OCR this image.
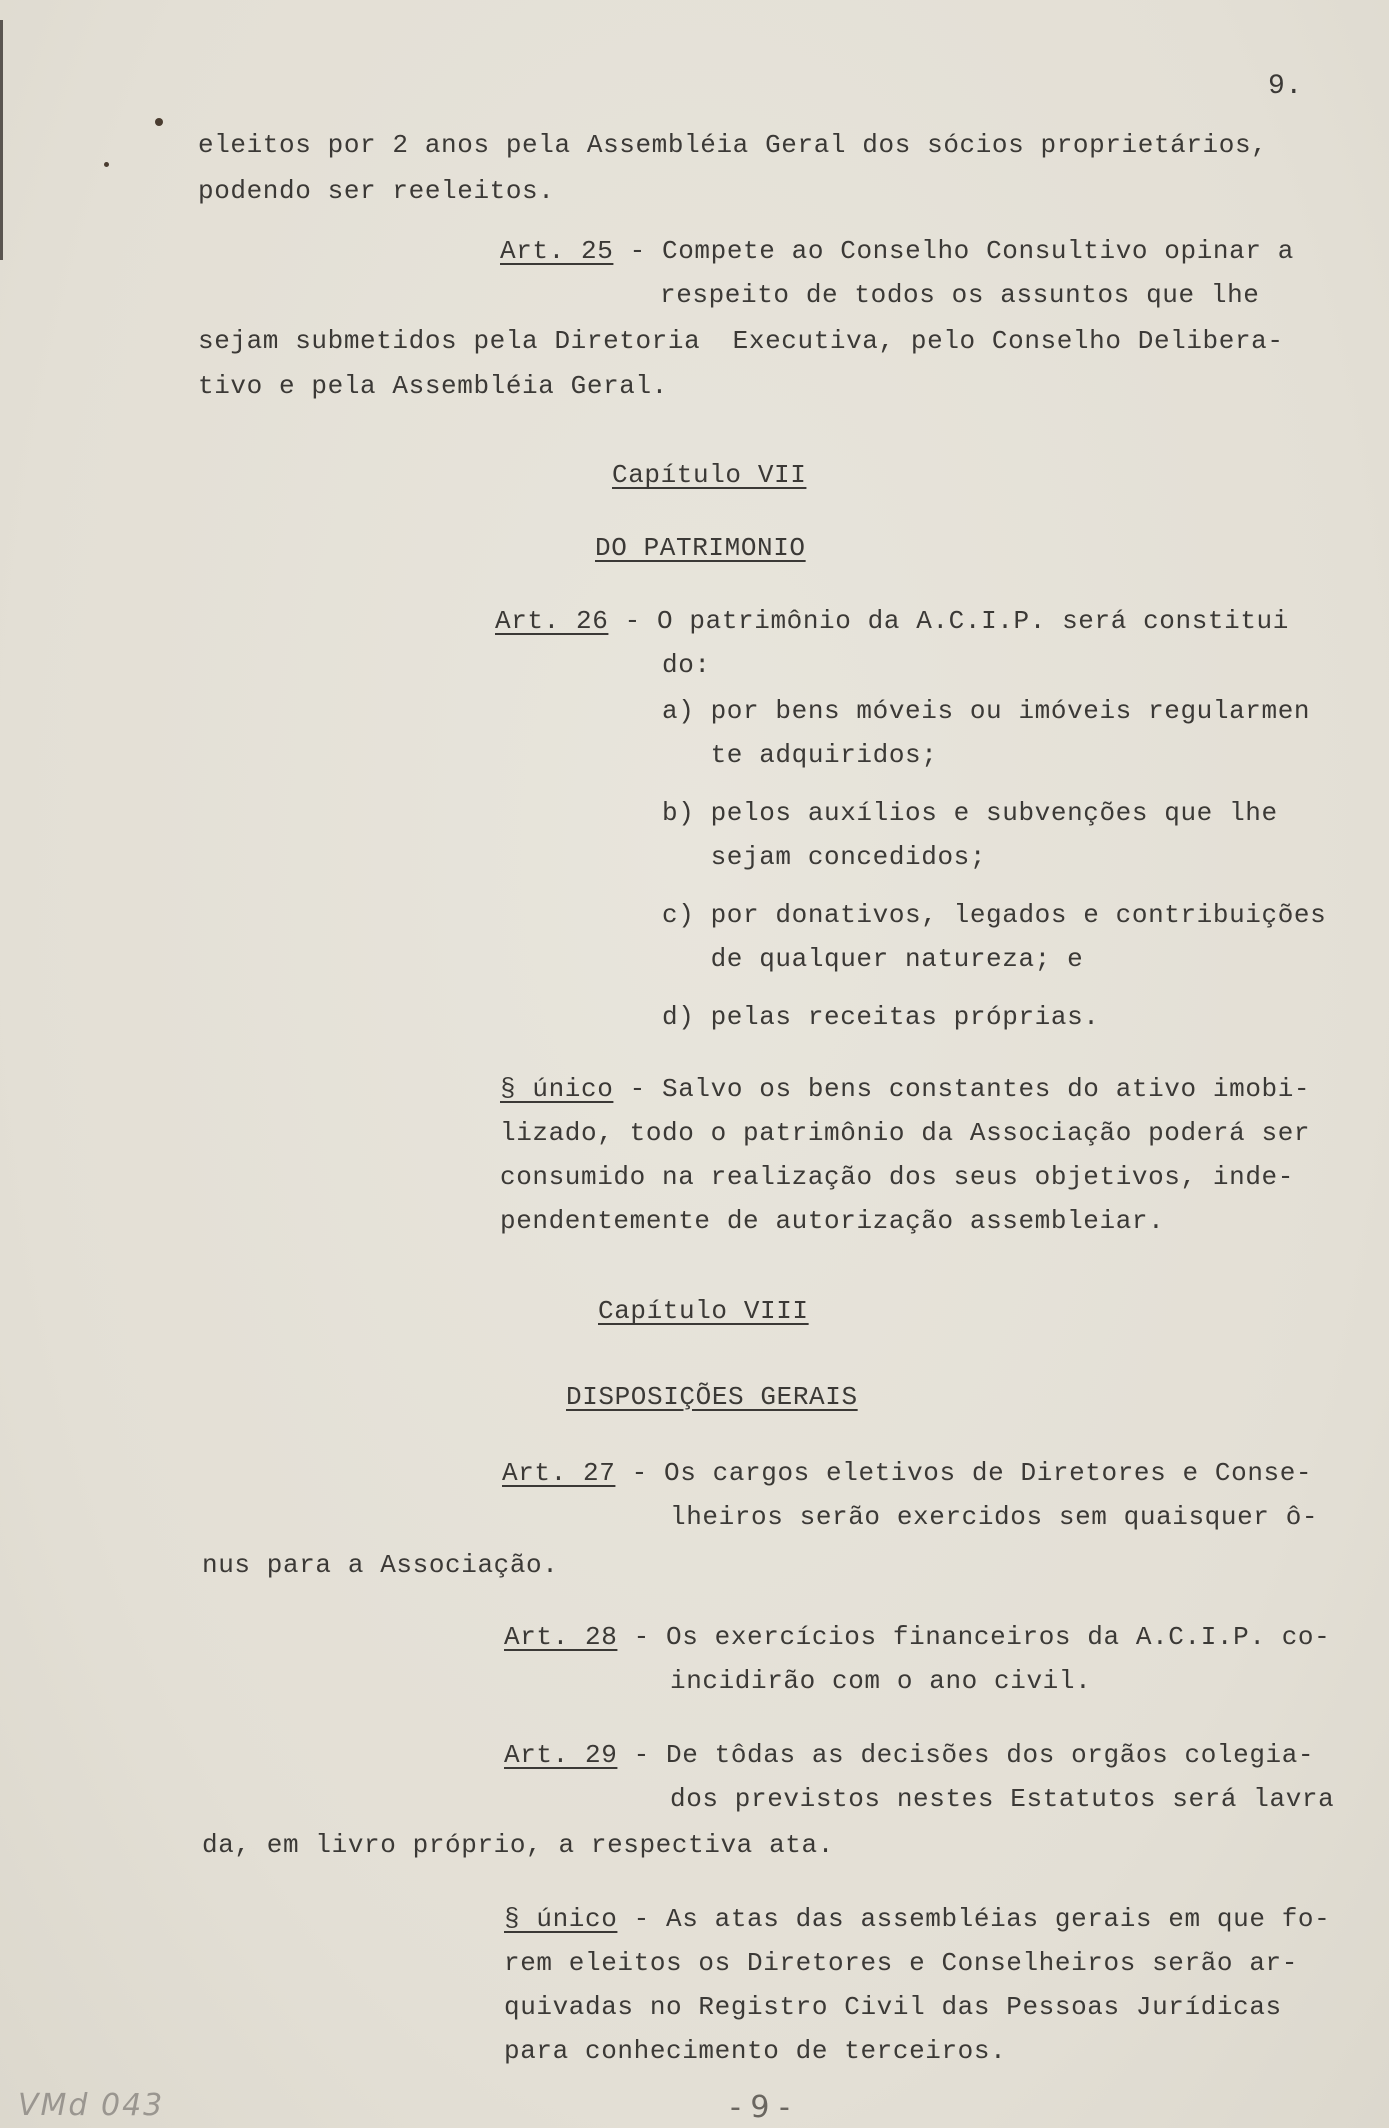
9.
eleitos por 2 anos pela Assembléia Geral dos sócios proprietários,
podendo ser reeleitos.
Art. 25 - Compete ao Conselho Consultivo opinar a
respeito de todos os assuntos que lhe
sejam submetidos pela Diretoria  Executiva, pelo Conselho Delibera-
tivo e pela Assembléia Geral.
Capítulo VII
DO PATRIMONIO
Art. 26 - O patrimônio da A.C.I.P. será constitui
do:
a) por bens móveis ou imóveis regularmen
te adquiridos;
b) pelos auxílios e subvenções que lhe
sejam concedidos;
c) por donativos, legados e contribuições
de qualquer natureza; e
d) pelas receitas próprias.
§ único - Salvo os bens constantes do ativo imobi-
lizado, todo o patrimônio da Associação poderá ser
consumido na realização dos seus objetivos, inde-
pendentemente de autorização assembleiar.
Capítulo VIII
DISPOSIÇÕES GERAIS
Art. 27 - Os cargos eletivos de Diretores e Conse-
lheiros serão exercidos sem quaisquer ô-
nus para a Associação.
Art. 28 - Os exercícios financeiros da A.C.I.P. co-
incidirão com o ano civil.
Art. 29 - De tôdas as decisões dos orgãos colegia-
dos previstos nestes Estatutos será lavra
da, em livro próprio, a respectiva ata.
§ único - As atas das assembléias gerais em que fo-
rem eleitos os Diretores e Conselheiros serão ar-
quivadas no Registro Civil das Pessoas Jurídicas
para conhecimento de terceiros.
VMd 043	- 9 -
